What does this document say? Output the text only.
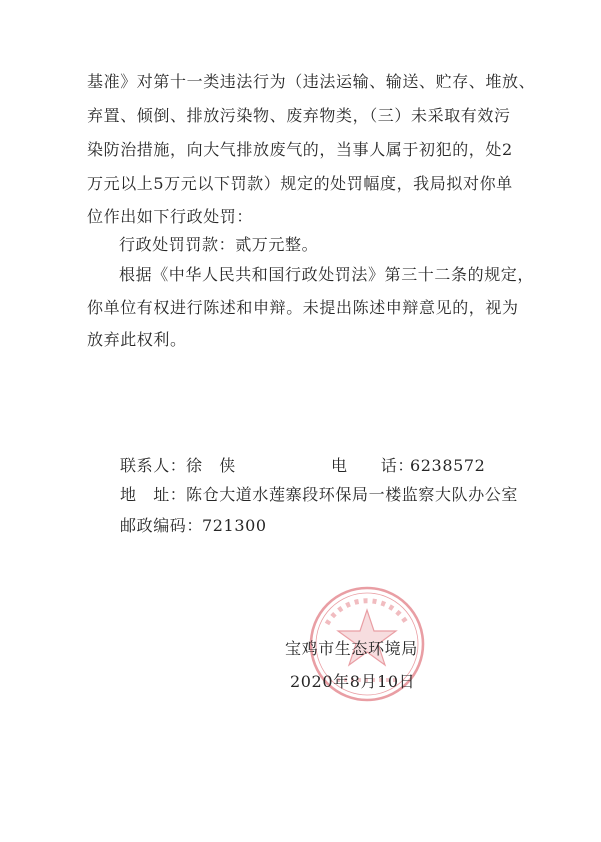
基准》对第十一类违法行为（违法运输、输送、贮存、堆放、
弃置、倾倒、排放污染物、废弃物类，（三）未采取有效污
染防治措施，向大气排放废气的，当事人属于初犯的，处2
万元以上5万元以下罚款）规定的处罚幅度，我局拟对你单
位作出如下行政处罚：
行政处罚罚款：贰万元整。
根据《中华人民共和国行政处罚法》第三十二条的规定，
你单位有权进行陈述和申辩。未提出陈述申辩意见的，视为
放弃此权利。
联系人： 徐　侠	电　　话：
6238572
地　址： 陈仓大道水莲寨段环保局一楼监察大队办公室
邮政编码：
721300
宝鸡市生态环境局
2020年8月10日
